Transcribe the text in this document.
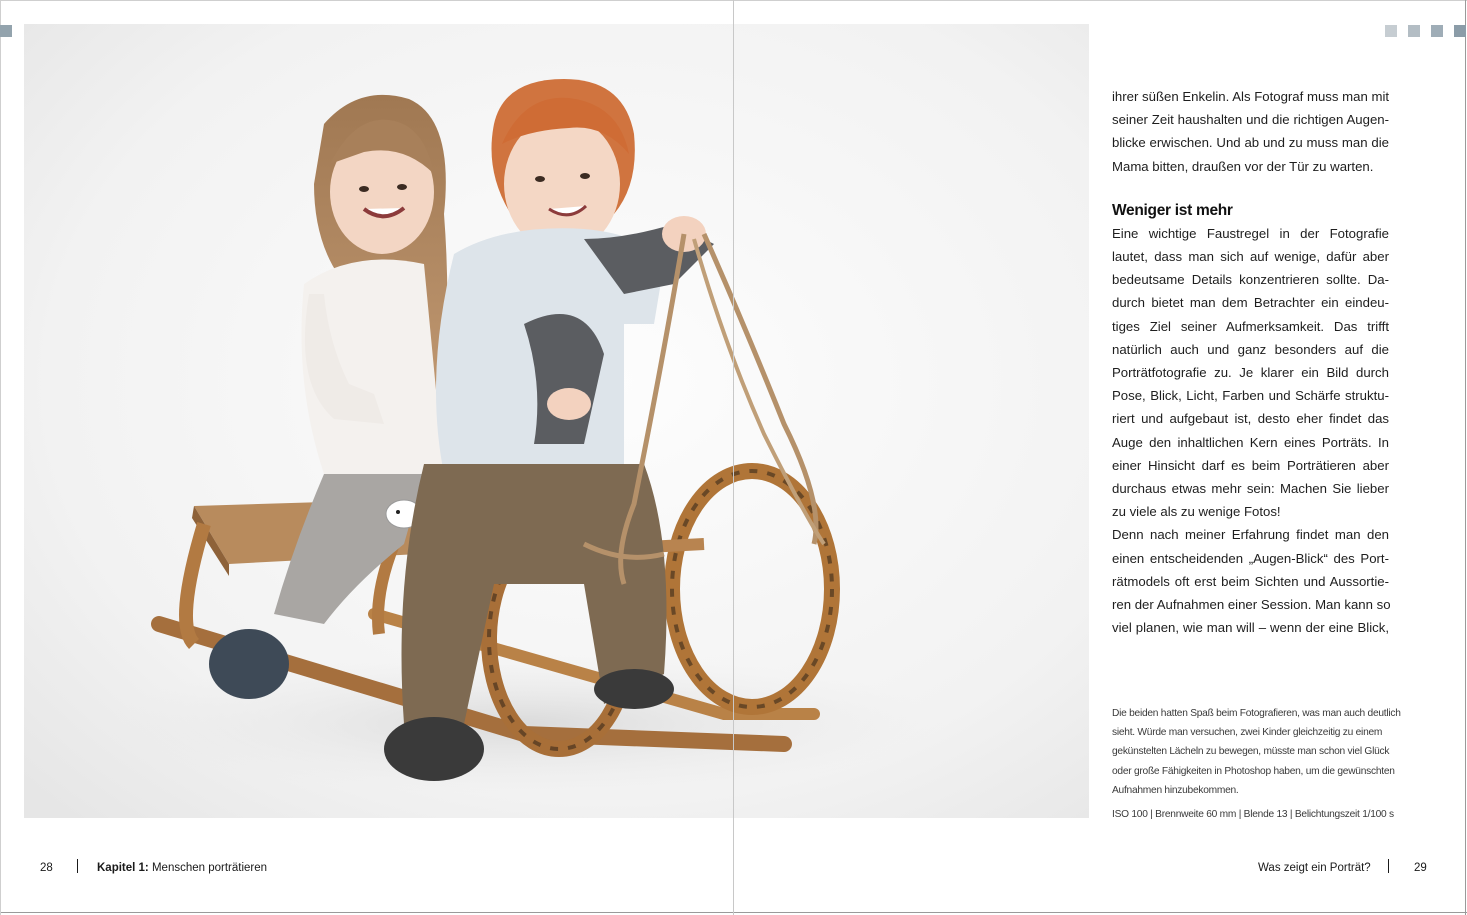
ihrer süßen Enkelin. Als Fotograf muss man mit
seiner Zeit haushalten und die richtigen Augen-
blicke erwischen. Und ab und zu muss man die
Mama bitten, draußen vor der Tür zu warten.

Weniger ist mehr

Eine wichtige Faustregel in der Fotografie
lautet, dass man sich auf wenige, dafür aber
bedeutsame Details konzentrieren sollte. Da-
durch bietet man dem Betrachter ein eindeu-
tiges Ziel seiner Aufmerksamkeit. Das trifft
natürlich auch und ganz besonders auf die
Porträtfotografie zu. Je klarer ein Bild durch
Pose, Blick, Licht, Farben und Schärfe struktu-
riert und aufgebaut ist, desto eher findet das
Auge den inhaltlichen Kern eines Porträts. In
einer Hinsicht darf es beim Porträtieren aber
durchaus etwas mehr sein: Machen Sie lieber
zu viele als zu wenige Fotos!

Denn nach meiner Erfahrung findet man den
einen entscheidenden „Augen-Blick“ des Port-
rätmodels oft erst beim Sichten und Aussortie-
ren der Aufnahmen einer Session. Man kann so
viel planen, wie man will – wenn der eine Blick,

Die beiden hatten Spaß beim Fotografieren, was man auch deutlich
sieht. Würde man versuchen, zwei Kinder gleichzeitig zu einem
gekünstelten Lächeln zu bewegen, müsste man schon viel Glück
oder große Fähigkeiten in Photoshop haben, um die gewünschten
Aufnahmen hinzubekommen.
ISO 100 | Brennweite 60 mm | Blende 13 | Belichtungszeit 1/100 s
28	Kapitel 1: Menschen porträtieren	Was zeigt ein Porträt?	29
